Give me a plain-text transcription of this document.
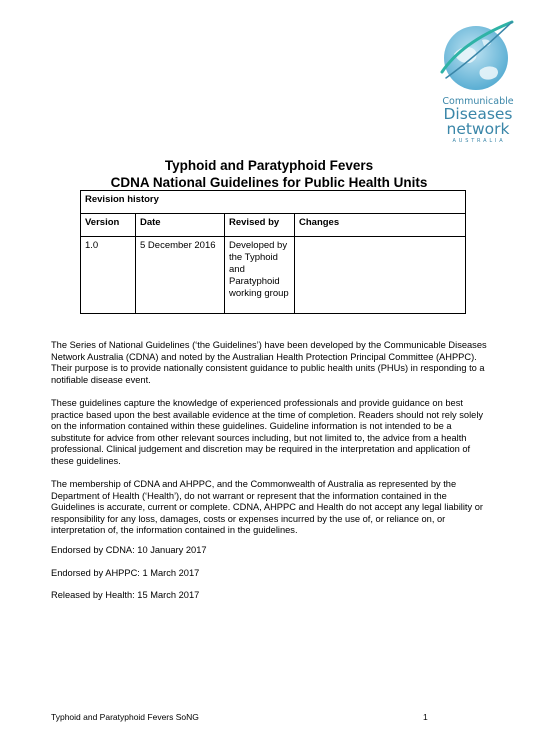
Communicable
Diseases
network
AUSTRALIA
Typhoid and Paratyphoid Fevers
CDNA National Guidelines for Public Health Units
Revision history			
Version	Date	Revised by	Changes
1.0	5 December 2016	Developed by the Typhoid and Paratyphoid working group	

The Series of National Guidelines (‘the Guidelines’) have been developed by the Communicable Diseases Network Australia (CDNA) and noted by the Australian Health Protection Principal Committee (AHPPC). Their purpose is to provide nationally consistent guidance to public health units (PHUs) in responding to a notifiable disease event.

These guidelines capture the knowledge of experienced professionals and provide guidance on best practice based upon the best available evidence at the time of completion. Readers should not rely solely on the information contained within these guidelines. Guideline information is not intended to be a substitute for advice from other relevant sources including, but not limited to, the advice from a health professional. Clinical judgement and discretion may be required in the interpretation and application of these guidelines.

The membership of CDNA and AHPPC, and the Commonwealth of Australia as represented by the Department of Health (‘Health’), do not warrant or represent that the information contained in the Guidelines is accurate, current or complete. CDNA, AHPPC and Health do not accept any legal liability or responsibility for any loss, damages, costs or expenses incurred by the use of, or reliance on, or interpretation of, the information contained in the guidelines.

Endorsed by CDNA: 10 January 2017

Endorsed by AHPPC: 1 March 2017

Released by Health: 15 March 2017

Typhoid and Paratyphoid Fevers SoNG	1
